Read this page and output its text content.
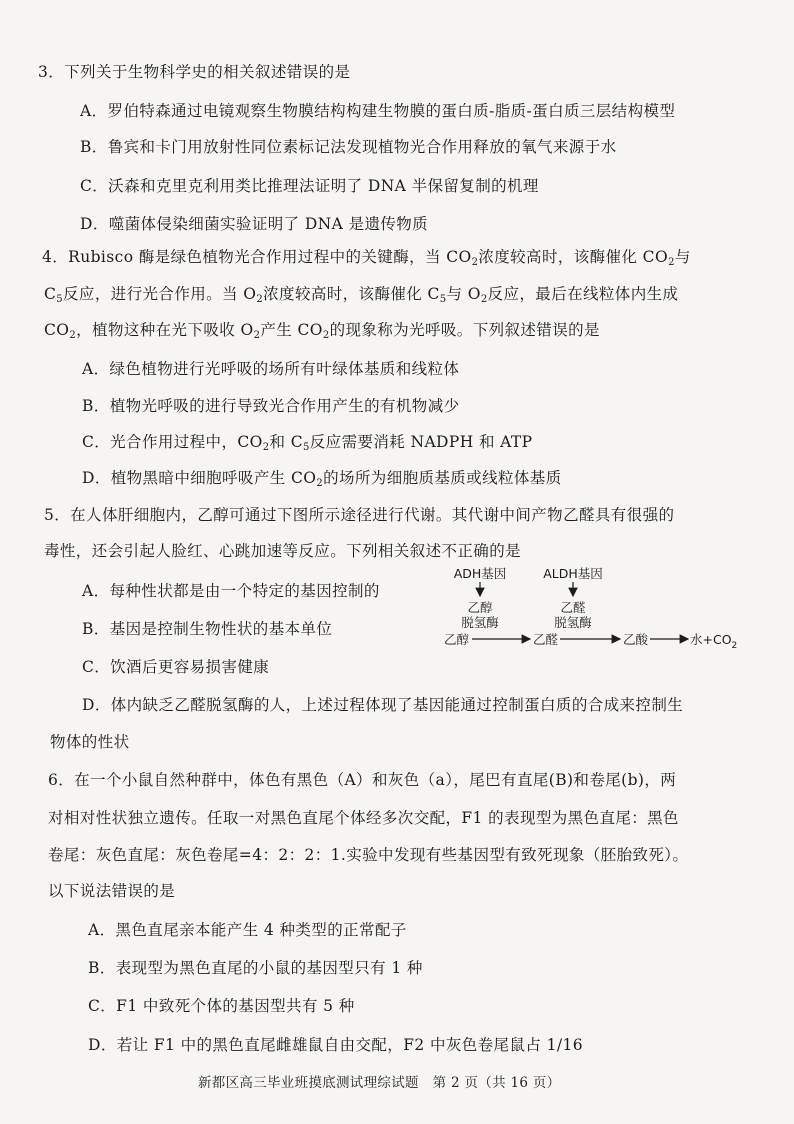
3．下列关于生物科学史的相关叙述错误的是
A．罗伯特森通过电镜观察生物膜结构构建生物膜的蛋白质-脂质-蛋白质三层结构模型
B．鲁宾和卡门用放射性同位素标记法发现植物光合作用释放的氧气来源于水
C．沃森和克里克利用类比推理法证明了 DNA 半保留复制的机理
D．噬菌体侵染细菌实验证明了 DNA 是遗传物质
4．Rubisco 酶是绿色植物光合作用过程中的关键酶，当 $CO_2$浓度较高时，该酶催化 $CO_2$与
$C_5$反应，进行光合作用。当 $O_2$浓度较高时，该酶催化 $C_5$与 $O_2$反应，最后在线粒体内生成
$CO_2$，植物这种在光下吸收 $O_2$产生 $CO_2$的现象称为光呼吸。下列叙述错误的是
A．绿色植物进行光呼吸的场所有叶绿体基质和线粒体
B．植物光呼吸的进行导致光合作用产生的有机物减少
C．光合作用过程中，$CO_2$和 $C_5$反应需要消耗 NADPH 和 ATP
D．植物黑暗中细胞呼吸产生 $CO_2$的场所为细胞质基质或线粒体基质
5．在人体肝细胞内，乙醇可通过下图所示途径进行代谢。其代谢中间产物乙醛具有很强的
毒性，还会引起人脸红、心跳加速等反应。下列相关叙述不正确的是
A．每种性状都是由一个特定的基因控制的
B．基因是控制生物性状的基本单位
C．饮酒后更容易损害健康
D．体内缺乏乙醛脱氢酶的人，上述过程体现了基因能通过控制蛋白质的合成来控制生
物体的性状
ADH基因	ALDH基因
乙醇
脱氢酶
乙醛
脱氢酶
乙醇	乙醛	乙酸	水$+CO_2$
6．在一个小鼠自然种群中，体色有黑色（A）和灰色（a），尾巴有直尾(B)和卷尾(b)，两
对相对性状独立遗传。任取一对黑色直尾个体经多次交配，F1 的表现型为黑色直尾：黑色
卷尾：灰色直尾：灰色卷尾=4：2：2：1.实验中发现有些基因型有致死现象（胚胎致死）。
以下说法错误的是
A．黑色直尾亲本能产生 4 种类型的正常配子
B．表现型为黑色直尾的小鼠的基因型只有 1 种
C．F1 中致死个体的基因型共有 5 种
D．若让 F1 中的黑色直尾雌雄鼠自由交配，F2 中灰色卷尾鼠占 1/16
新都区高三毕业班摸底测试理综试题　第 2 页（共 16 页）
